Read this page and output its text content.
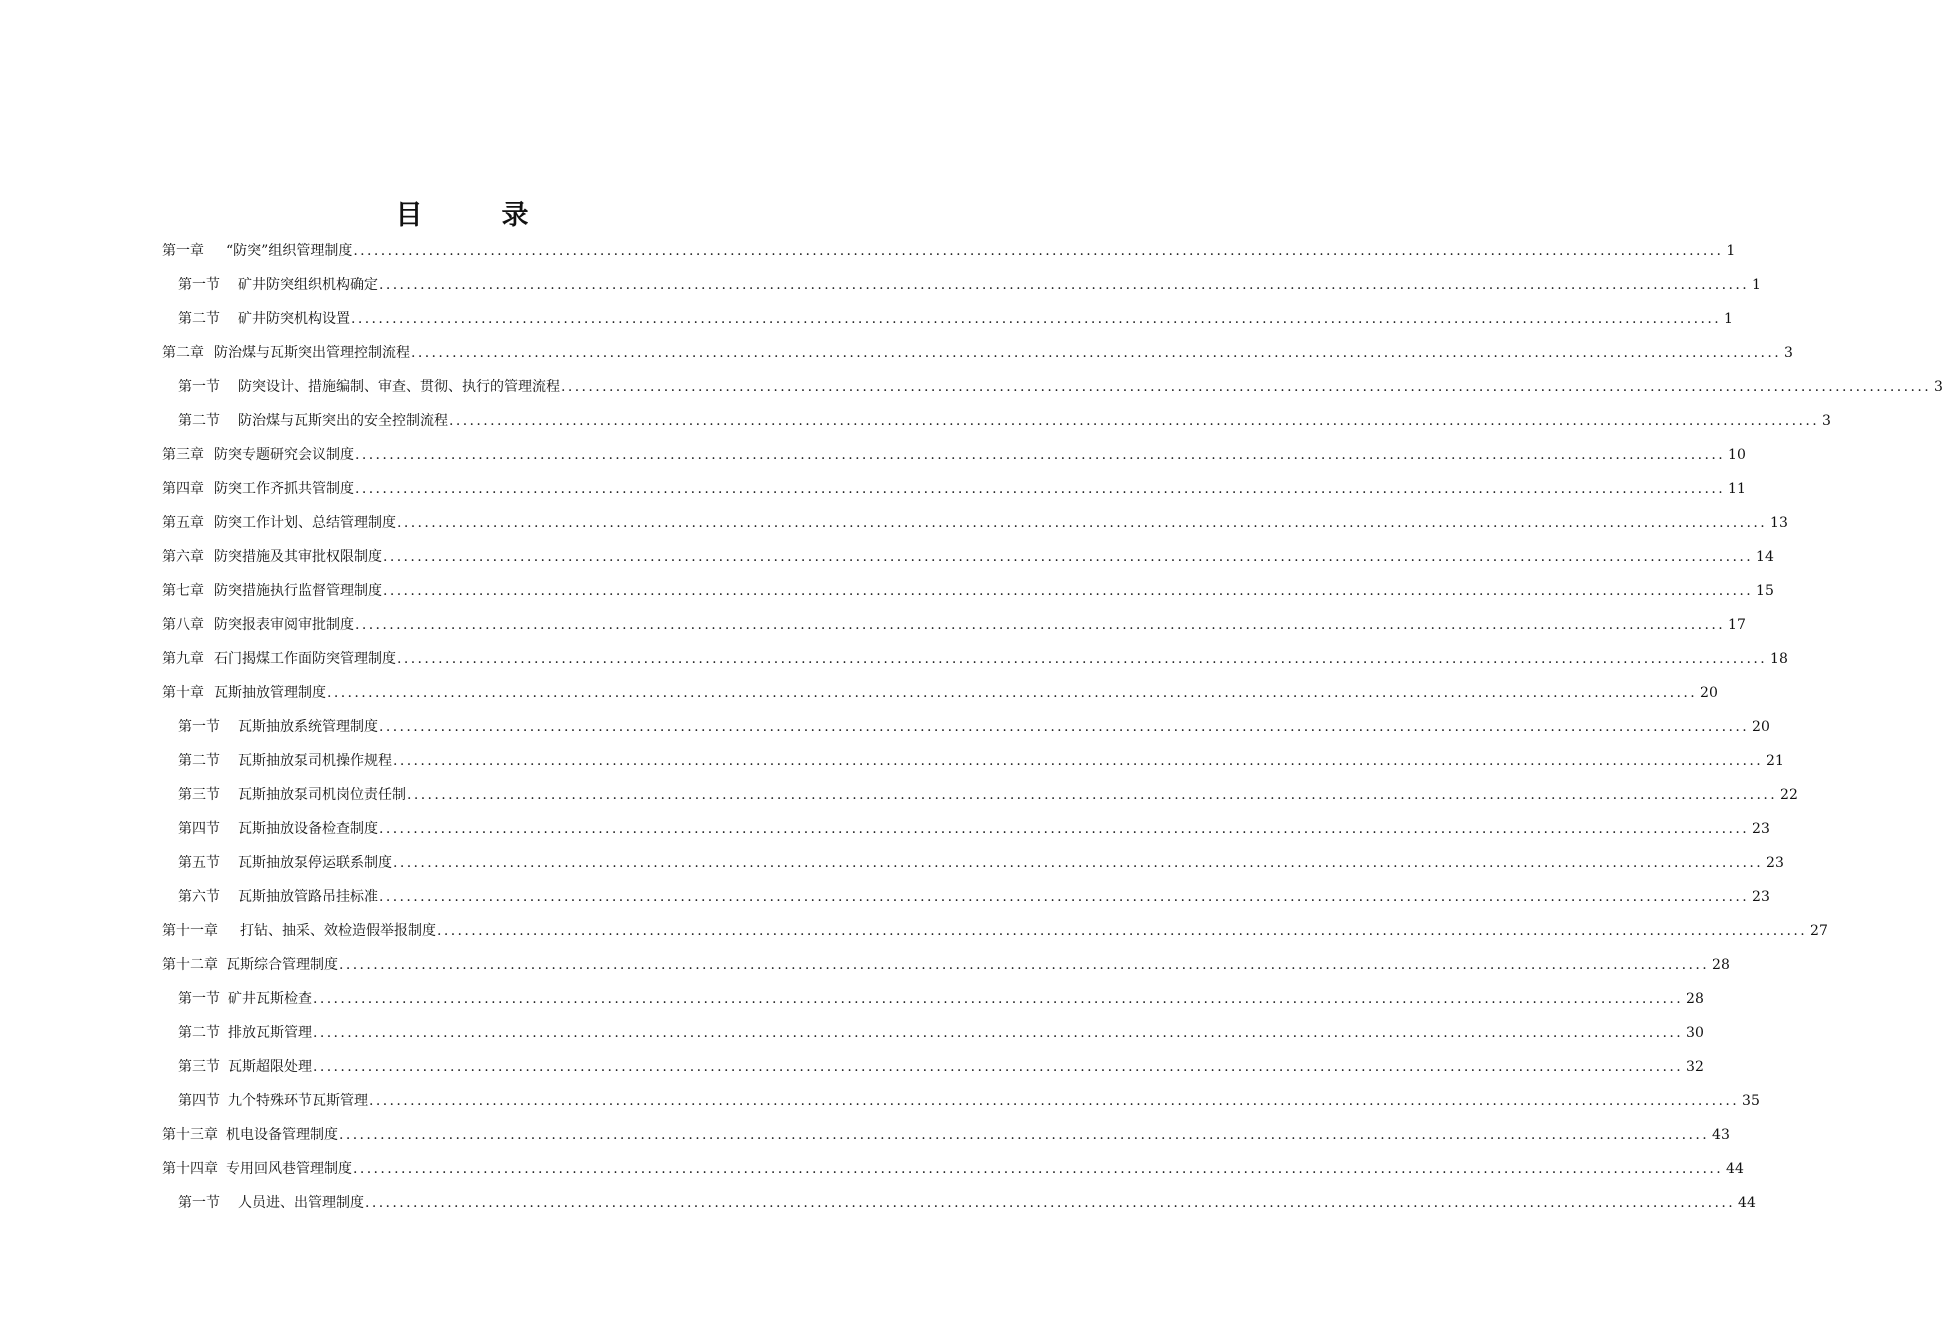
目　录
第一章 “防突”组织管理制度 ........................................................................................................................................................................................................ 1
第一节 矿井防突组织机构确定 ........................................................................................................................................................................................................ 1
第二节 矿井防突机构设置 ........................................................................................................................................................................................................ 1
第二章 防治煤与瓦斯突出管理控制流程 ........................................................................................................................................................................................................ 3
第一节 防突设计、措施编制、审查、贯彻、执行的管理流程 ........................................................................................................................................................................................................ 3
第二节 防治煤与瓦斯突出的安全控制流程 ........................................................................................................................................................................................................ 3
第三章 防突专题研究会议制度 ........................................................................................................................................................................................................ 10
第四章 防突工作齐抓共管制度 ........................................................................................................................................................................................................ 11
第五章 防突工作计划、总结管理制度 ........................................................................................................................................................................................................ 13
第六章 防突措施及其审批权限制度 ........................................................................................................................................................................................................ 14
第七章 防突措施执行监督管理制度 ........................................................................................................................................................................................................ 15
第八章 防突报表审阅审批制度 ........................................................................................................................................................................................................ 17
第九章 石门揭煤工作面防突管理制度 ........................................................................................................................................................................................................ 18
第十章 瓦斯抽放管理制度 ........................................................................................................................................................................................................ 20
第一节 瓦斯抽放系统管理制度 ........................................................................................................................................................................................................ 20
第二节 瓦斯抽放泵司机操作规程 ........................................................................................................................................................................................................ 21
第三节 瓦斯抽放泵司机岗位责任制 ........................................................................................................................................................................................................ 22
第四节 瓦斯抽放设备检查制度 ........................................................................................................................................................................................................ 23
第五节 瓦斯抽放泵停运联系制度 ........................................................................................................................................................................................................ 23
第六节 瓦斯抽放管路吊挂标准 ........................................................................................................................................................................................................ 23
第十一章 打钻、抽采、效检造假举报制度 ........................................................................................................................................................................................................ 27
第十二章 瓦斯综合管理制度 ........................................................................................................................................................................................................ 28
第一节 矿井瓦斯检查 ........................................................................................................................................................................................................ 28
第二节 排放瓦斯管理 ........................................................................................................................................................................................................ 30
第三节 瓦斯超限处理 ........................................................................................................................................................................................................ 32
第四节 九个特殊环节瓦斯管理 ........................................................................................................................................................................................................ 35
第十三章 机电设备管理制度 ........................................................................................................................................................................................................ 43
第十四章 专用回风巷管理制度 ........................................................................................................................................................................................................ 44
第一节 人员进、出管理制度 ........................................................................................................................................................................................................ 44
